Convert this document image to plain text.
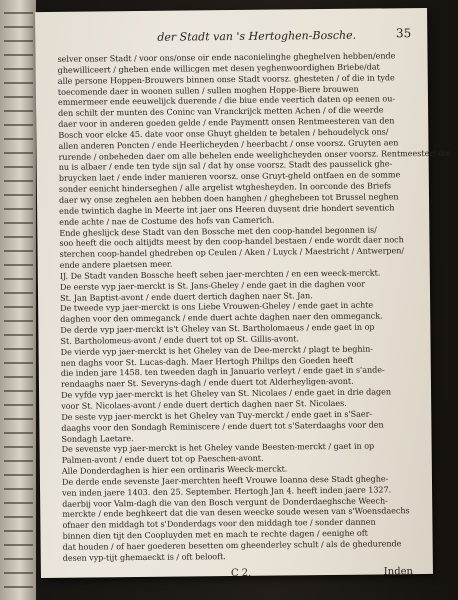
der Stadt van 's Hertoghen-Bosche.	35
selver onser Stadt / voor ons/onse oir ende naconielinghe gheghelven hebben/ende
ghewilliceert / gheben ende willicgen met desen yeghenwoordighen Briebe/dat
alle persone Hoppen-Brouwers binnen onse Stadt voorsz. ghesteten / of die in tyde
toecomende daer in woonen sullen / sullen moghen Hoppe-Biere brouwen
emmermeer ende eeuwelijck duerende / die biue ende veertich daten op eenen ou-
den schilt der munten des Coninc van Vranckrijck metten Achen / of die weerde
daer voor in anderen goeden gelde / ende Paymentt onsen Rentmeesteren van den
Bosch voor elcke 45. date voor onse Ghuyt ghelden te betalen / behoudelyck ons/
allen anderen Poncten / ende Heerlicheyden / heerbacht / onse voorsz. Gruyten aen
rurende / onbeheden daer om alle behelen ende weelighcheyden onser voorsz. Rentmeester/ die
nu is albaer / ende ten tyde sijn sal / dat hy onse voorsz. Stadt des pausselick ghe-
bruycken laet / ende inder manieren voorsz. onse Gruyt-gheld ontfaen en de somme
sonder eenicht hinderseghen / alle argelist wtghesheyden. In oorconde des Briefs
daer wy onse zeghelen aen hebben doen hanghen / gheghebeen tot Brussel neghen
ende twintich daghe in Meerte int jaer ons Heeren duysent drie hondert seventich
ende achte / nae de Costume des hofs van Camerich.
Ende gheslijck dese Stadt van den Bossche met den coop-handel begonnen is/
soo heeft die ooch altijdts meest by den coop-handel bestaen / ende wordt daer noch
sterchen coop-handel ghedreben op Ceulen / Aken / Luyck / Maestricht / Antwerpen/
ende andere plaetsen meer.
IJ. De Stadt vanden Bossche heeft seben jaer-merchten / en een weeck-merckt.
De eerste vyp jaer-merckt is St. Jans-Gheley / ende gaet in die daghen voor
St. Jan Baptist-avont / ende duert dertich daghen naer St. Jan.
De tweede vyp jaer-merckt is ons Liebe Vrouwen-Gheley / ende gaet in achte
daghen voor den ommeganck / ende duert achte daghen naer den ommeganck.
De derde vyp jaer-merckt is't Gheley van St. Bartholomaeus / ende gaet in op
St. Bartholomeus-avont / ende duert tot op St. Gillis-avont.
De vierde vyp jaer-merckt is het Gheley van de Dee-merckt / plagt te beghin-
nen daghs voor St. Lucas-dagh. Maer Hertogh Philips den Goeden heeft
die inden jare 1458. ten tweeden dagh in Januario verleyt / ende gaet in s'ande-
rendaaghs naer St. Severyns-dagh / ende duert tot Alderheyligen-avont.
De vyfde vyp jaer-merckt is het Gheley van St. Nicolaes / ende gaet in drie dagen
voor St. Nicolaes-avont / ende duert dertich daghen naer St. Nicolaes.
De seste vyp jaer-merckt is het Gheley van Tuy-merckt / ende gaet in s'Saer-
daaghs voor den Sondagh Reminiscere / ende duert tot s'Saterdaaghs voor den
Sondagh Laetare.
De sevenste vyp jaer-merckt is het Gheley vande Beesten-merckt / gaet in op
Palmen-avont / ende duert tot op Paeschen-avont.
Alle Donderdaghen is hier een ordinaris Weeck-merckt.
De derde ende sevenste Jaer-merchten heeft Vrouwe Ioanna dese Stadt gheghe-
ven inden jaere 1403. den 25. September. Hertogh Jan 4. heeft inden jaere 1327.
daerbij voor Valm-dagh die van den Bosch vergunt de Donderdaeghsche Weech-
merckte / ende beghkeert dat die van desen weecke soude wesen van s'Woensdaechs
ofnaer den middagh tot s'Donderdags voor den middagh toe / sonder dannen
binnen dien tijt den Coopluyden met en mach te rechte dagen / eenighe oft
dat houden / of haer goederen besetten om gheenderley schult / als de ghedurende
desen vyp-tijt ghemaeckt is / oft belooft.
C 2.	Inden
